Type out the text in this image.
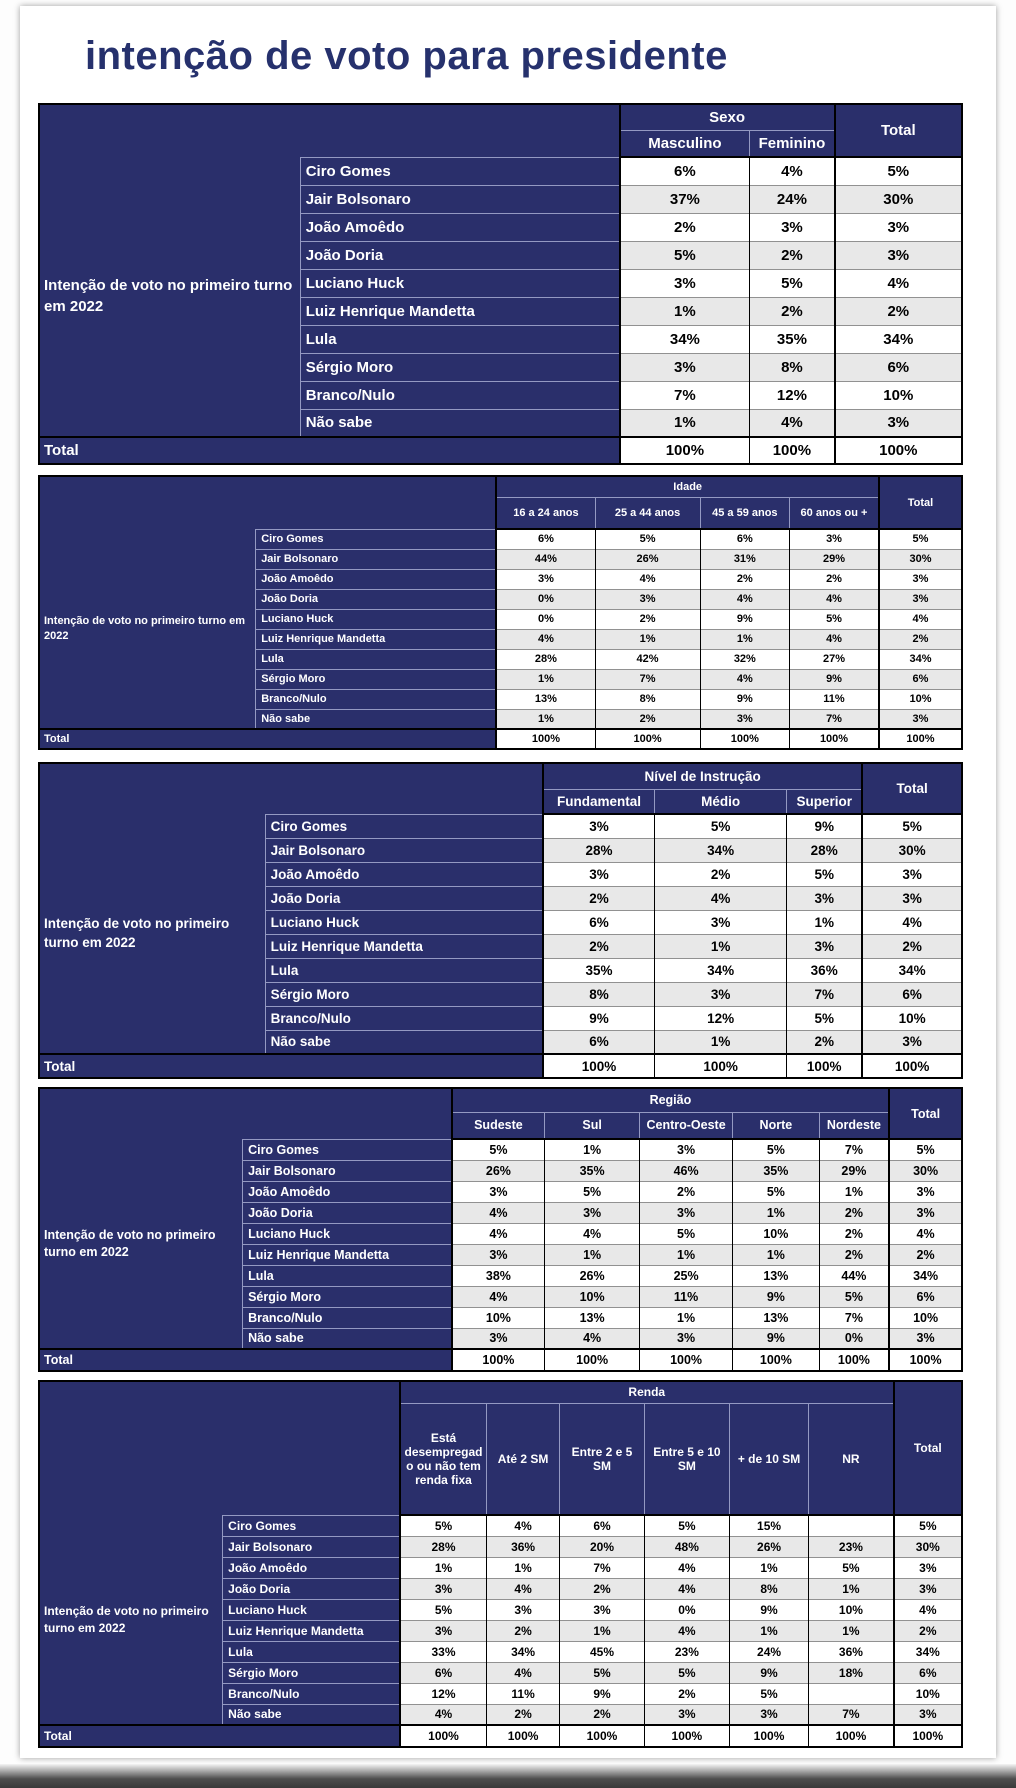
intenção de voto para presidente
		Sexo		Total
		Masculino	Feminino	
Intenção de voto no primeiro turno em 2022	Ciro Gomes	6%	4%	5%
	Jair Bolsonaro	37%	24%	30%
	João Amoêdo	2%	3%	3%
	João Doria	5%	2%	3%
	Luciano Huck	3%	5%	4%
	Luiz Henrique Mandetta	1%	2%	2%
	Lula	34%	35%	34%
	Sérgio Moro	3%	8%	6%
	Branco/Nulo	7%	12%	10%
	Não sabe	1%	4%	3%
Total		100%	100%	100%
		Idade				Total
		16 a 24 anos	25 a 44 anos	45 a 59 anos	60 anos ou +	
Intenção de voto no primeiro turno em 2022	Ciro Gomes	6%	5%	6%	3%	5%
	Jair Bolsonaro	44%	26%	31%	29%	30%
	João Amoêdo	3%	4%	2%	2%	3%
	João Doria	0%	3%	4%	4%	3%
	Luciano Huck	0%	2%	9%	5%	4%
	Luiz Henrique Mandetta	4%	1%	1%	4%	2%
	Lula	28%	42%	32%	27%	34%
	Sérgio Moro	1%	7%	4%	9%	6%
	Branco/Nulo	13%	8%	9%	11%	10%
	Não sabe	1%	2%	3%	7%	3%
Total		100%	100%	100%	100%	100%
		Nível de Instrução			Total
		Fundamental	Médio	Superior	
Intenção de voto no primeiro turno em 2022	Ciro Gomes	3%	5%	9%	5%
	Jair Bolsonaro	28%	34%	28%	30%
	João Amoêdo	3%	2%	5%	3%
	João Doria	2%	4%	3%	3%
	Luciano Huck	6%	3%	1%	4%
	Luiz Henrique Mandetta	2%	1%	3%	2%
	Lula	35%	34%	36%	34%
	Sérgio Moro	8%	3%	7%	6%
	Branco/Nulo	9%	12%	5%	10%
	Não sabe	6%	1%	2%	3%
Total		100%	100%	100%	100%
		Região					Total
		Sudeste	Sul	Centro-Oeste	Norte	Nordeste	
Intenção de voto no primeiro turno em 2022	Ciro Gomes	5%	1%	3%	5%	7%	5%
	Jair Bolsonaro	26%	35%	46%	35%	29%	30%
	João Amoêdo	3%	5%	2%	5%	1%	3%
	João Doria	4%	3%	3%	1%	2%	3%
	Luciano Huck	4%	4%	5%	10%	2%	4%
	Luiz Henrique Mandetta	3%	1%	1%	1%	2%	2%
	Lula	38%	26%	25%	13%	44%	34%
	Sérgio Moro	4%	10%	11%	9%	5%	6%
	Branco/Nulo	10%	13%	1%	13%	7%	10%
	Não sabe	3%	4%	3%	9%	0%	3%
Total		100%	100%	100%	100%	100%	100%
		Renda						Total
		Está desempregado ou não tem renda fixa	Até 2 SM	Entre 2 e 5 SM	Entre 5 e 10 SM	+ de 10 SM	NR	
Intenção de voto no primeiro turno em 2022	Ciro Gomes	5%	4%	6%	5%	15%		5%
	Jair Bolsonaro	28%	36%	20%	48%	26%	23%	30%
	João Amoêdo	1%	1%	7%	4%	1%	5%	3%
	João Doria	3%	4%	2%	4%	8%	1%	3%
	Luciano Huck	5%	3%	3%	0%	9%	10%	4%
	Luiz Henrique Mandetta	3%	2%	1%	4%	1%	1%	2%
	Lula	33%	34%	45%	23%	24%	36%	34%
	Sérgio Moro	6%	4%	5%	5%	9%	18%	6%
	Branco/Nulo	12%	11%	9%	2%	5%		10%
	Não sabe	4%	2%	2%	3%	3%	7%	3%
Total		100%	100%	100%	100%	100%	100%	100%
